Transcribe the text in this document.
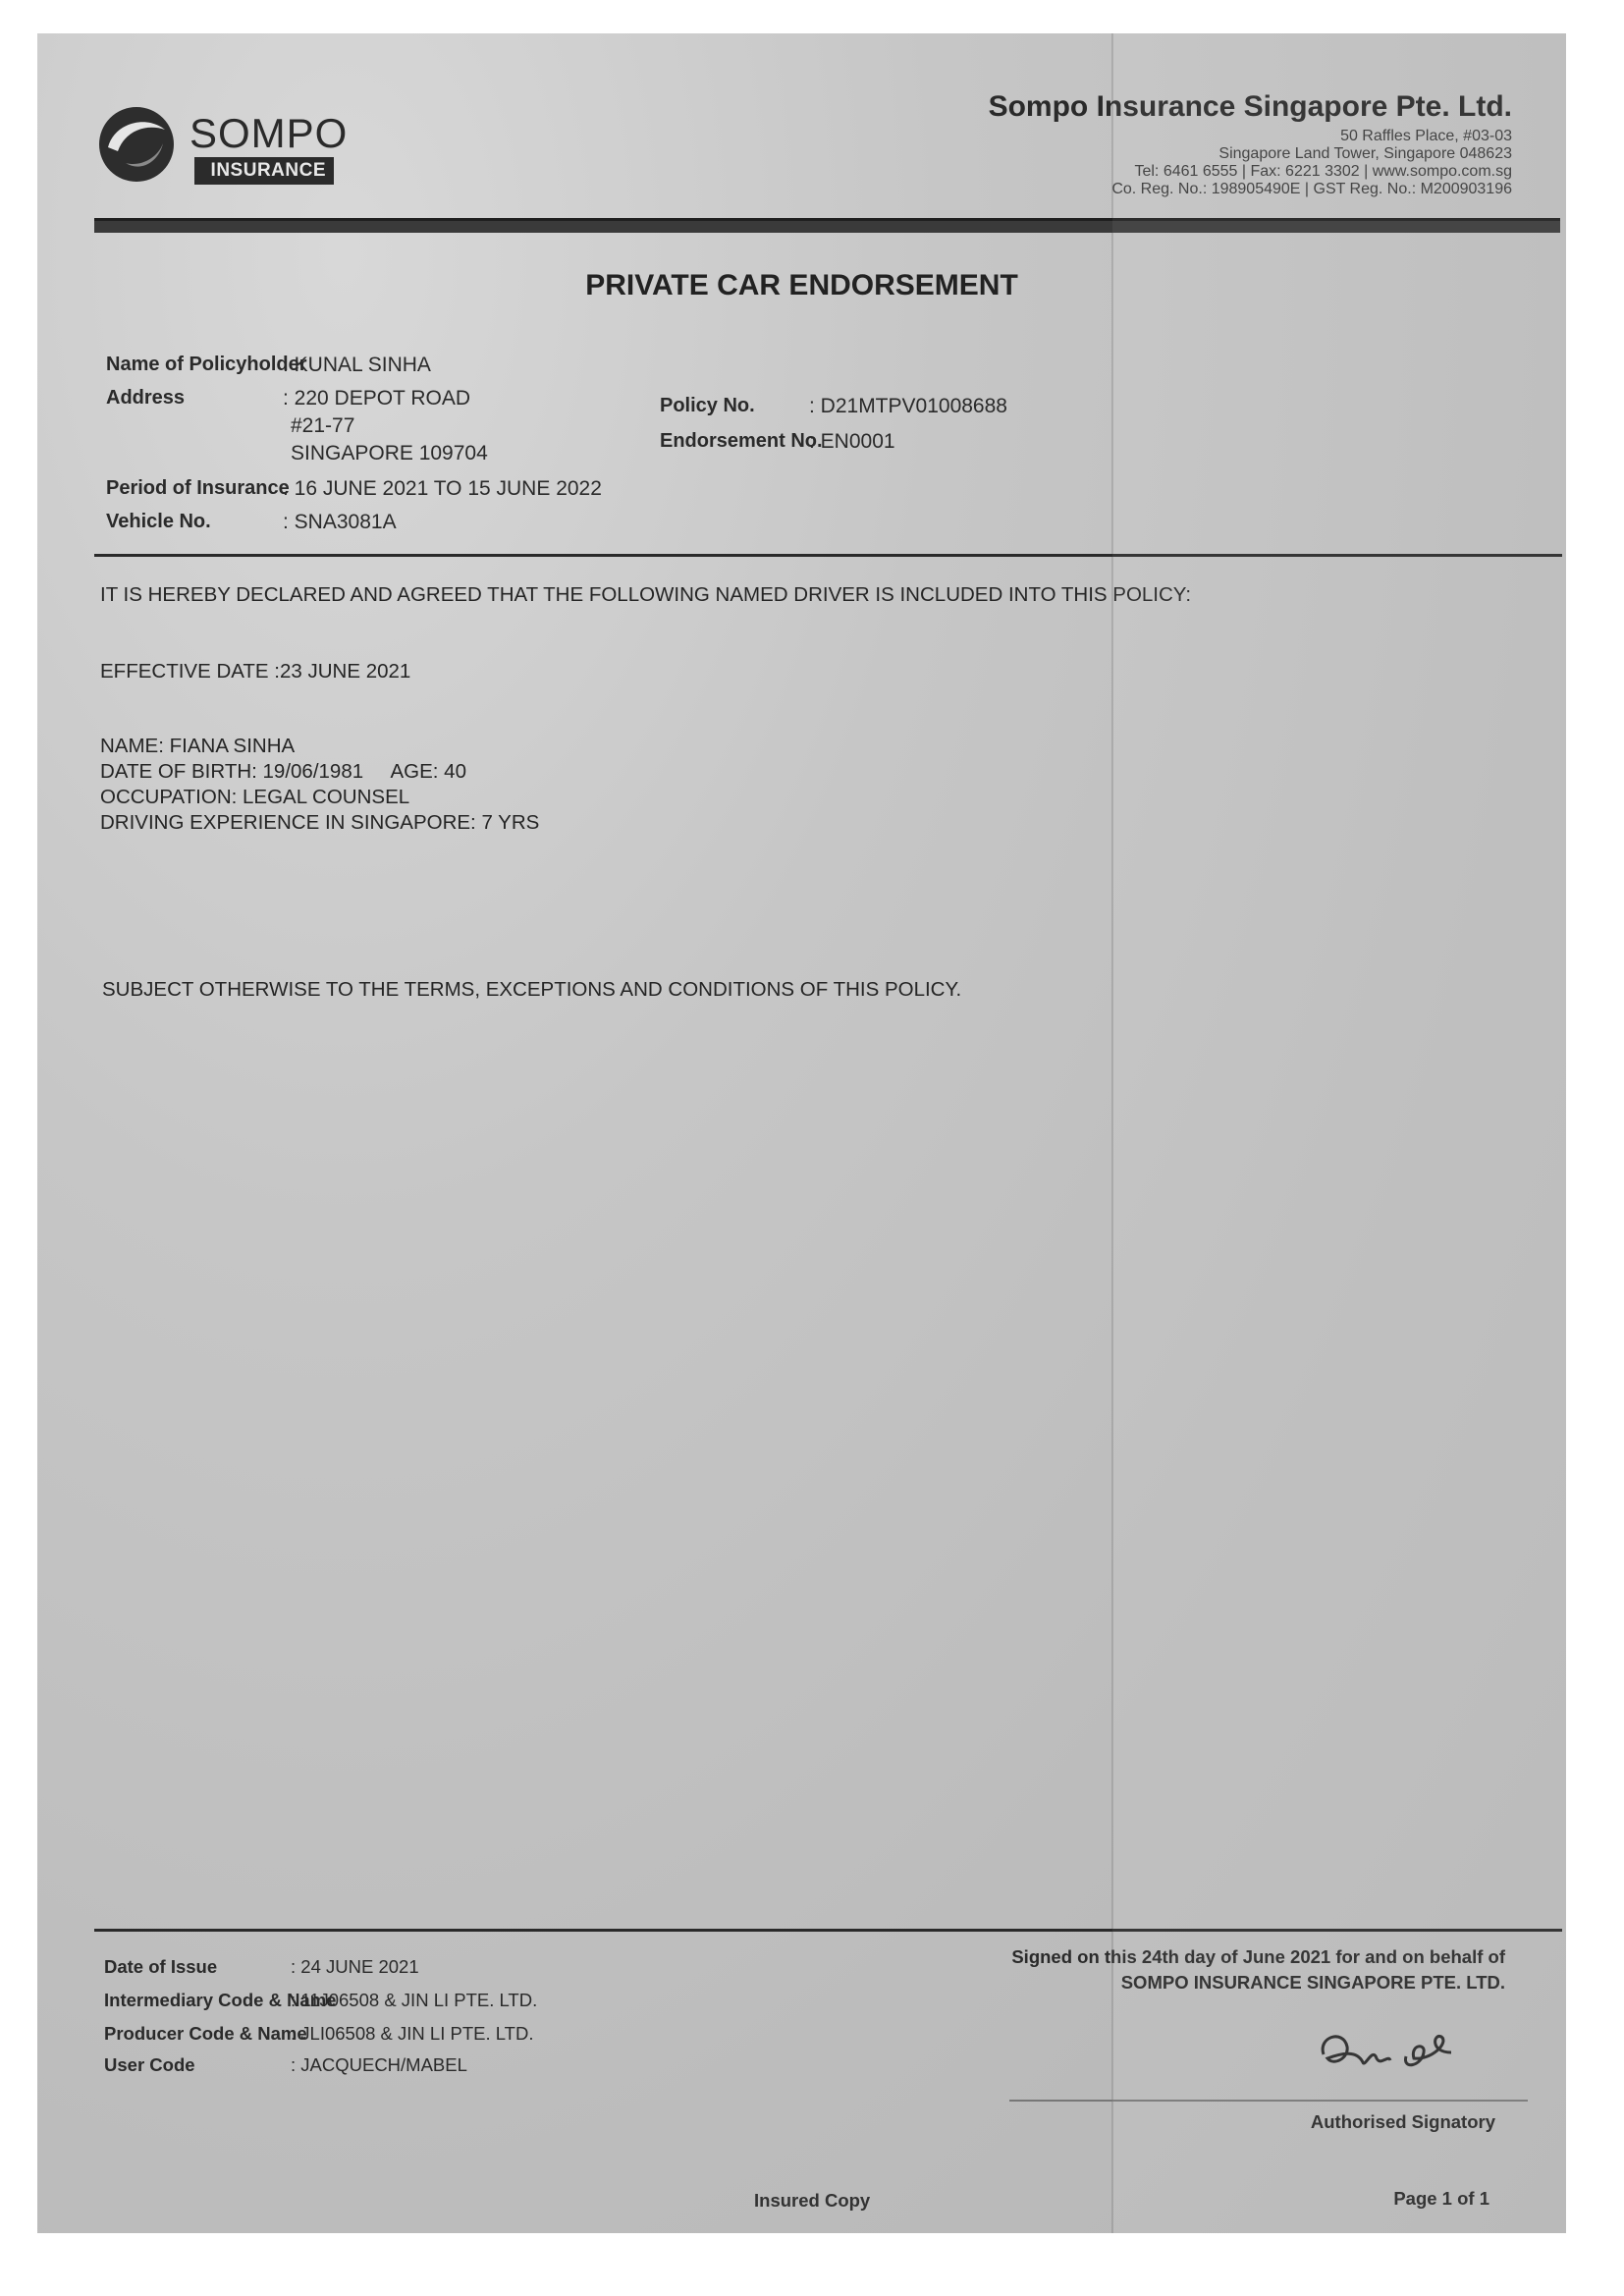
SOMPO
INSURANCE
Sompo Insurance Singapore Pte. Ltd.
50 Raffles Place, #03-03
Singapore Land Tower, Singapore 048623
Tel: 6461 6555 | Fax: 6221 3302 | www.sompo.com.sg
Co. Reg. No.: 198905490E | GST Reg. No.: M200903196
PRIVATE CAR ENDORSEMENT
Name of Policyholder
: KUNAL SINHA
Address	: 220 DEPOT ROAD
#21-77
SINGAPORE 109704
Period of Insurance
: 16 JUNE 2021 TO 15 JUNE 2022
Vehicle No.	: SNA3081A
Policy No.	: D21MTPV01008688
Endorsement No.
: EN0001
IT IS HEREBY DECLARED AND AGREED THAT THE FOLLOWING NAMED DRIVER IS INCLUDED INTO THIS POLICY:
EFFECTIVE DATE :23 JUNE 2021
NAME: FIANA SINHA
DATE OF BIRTH: 19/06/1981     AGE: 40
OCCUPATION: LEGAL COUNSEL
DRIVING EXPERIENCE IN SINGAPORE: 7 YRS
SUBJECT OTHERWISE TO THE TERMS, EXCEPTIONS AND CONDITIONS OF THIS POLICY.
Date of Issue	: 24 JUNE 2021
Intermediary Code & Name
: 11J06508 & JIN LI PTE. LTD.
Producer Code & Name
: JLI06508 & JIN LI PTE. LTD.
User Code	: JACQUECH/MABEL
Signed on this 24th day of June 2021 for and on behalf of
SOMPO INSURANCE SINGAPORE PTE. LTD.
Authorised Signatory
Insured Copy	Page 1 of 1
